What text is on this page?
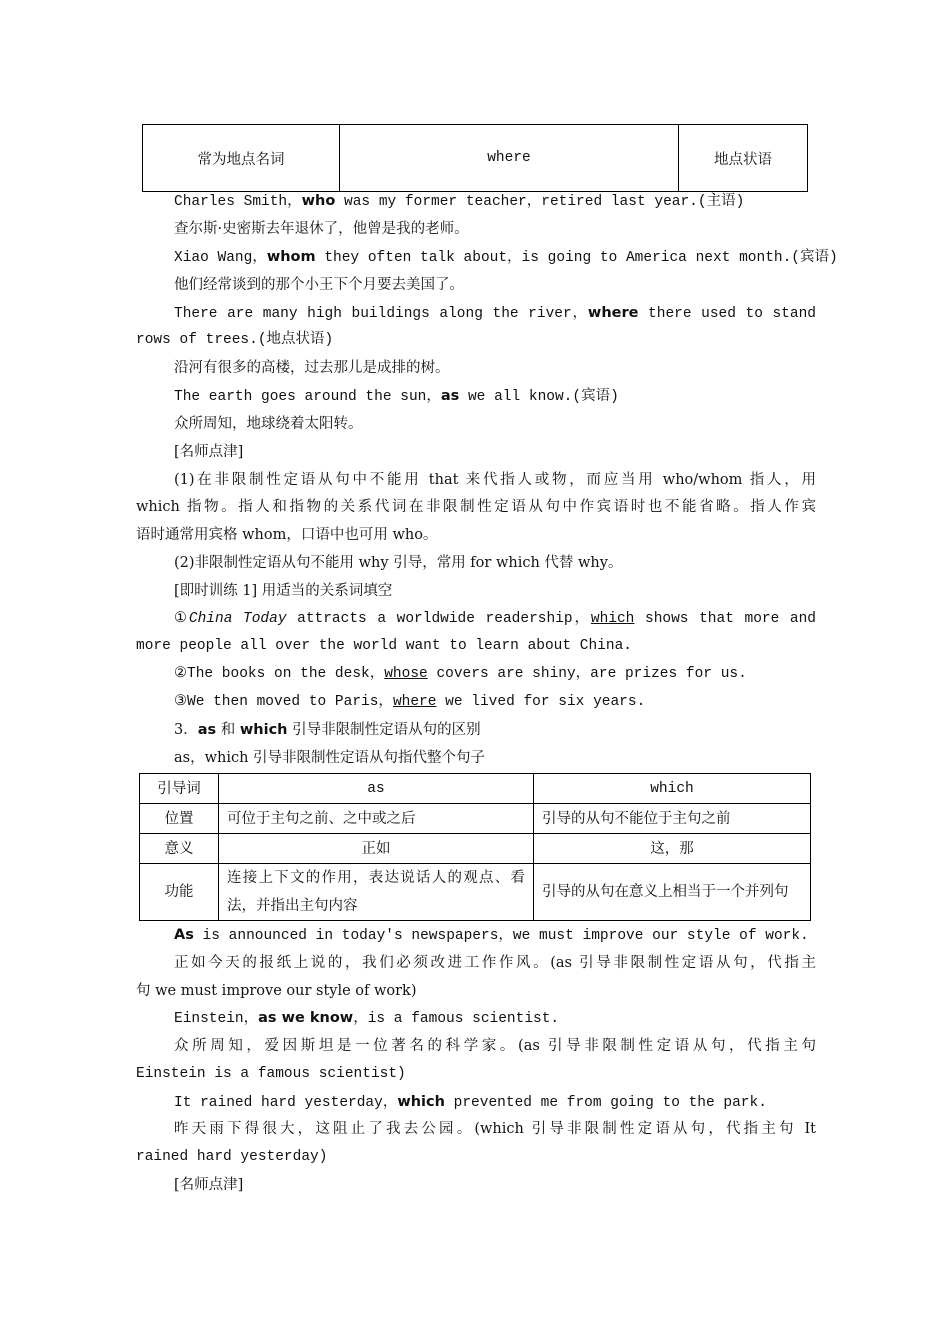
常为地点名词	where	地点状语
Charles Smith，who was my former teacher，retired last year.(主语)
查尔斯·史密斯去年退休了，他曾是我的老师。
Xiao Wang，whom they often talk about，is going to America next month.(宾语)
他们经常谈到的那个小王下个月要去美国了。
There are many high buildings along the river，where there used to stand
rows of trees.(地点状语)
沿河有很多的高楼，过去那儿是成排的树。
The earth goes around the sun，as we all know.(宾语)
众所周知，地球绕着太阳转。
[名师点津]
(1)在非限制性定语从句中不能用 that 来代指人或物，而应当用 who/whom 指人，用
which 指物。指人和指物的关系代词在非限制性定语从句中作宾语时也不能省略。指人作宾
语时通常用宾格 whom，口语中也可用 who。
(2)非限制性定语从句不能用 why 引导，常用 for which 代替 why。
[即时训练 1] 用适当的关系词填空
①China Today attracts a worldwide readership，which shows that more and
more people all over the world want to learn about China.
②The books on the desk，whose covers are shiny，are prizes for us.
③We then moved to Paris，where we lived for six years.
3．as 和 which 引导非限制性定语从句的区别
as，which 引导非限制性定语从句指代整个句子
引导词	as	which
位置	可位于主句之前、之中或之后	引导的从句不能位于主句之前
意义	正如	这，那
功能	连接上下文的作用，表达说话人的观点、看法，并指出主句内容	引导的从句在意义上相当于一个并列句
As is announced in today's newspapers，we must improve our style of work.
正如今天的报纸上说的，我们必须改进工作作风。(as 引导非限制性定语从句，代指主
句 we must improve our style of work)
Einstein，as we know，is a famous scientist.
众所周知，爱因斯坦是一位著名的科学家。(as 引导非限制性定语从句，代指主句
Einstein is a famous scientist)
It rained hard yesterday，which prevented me from going to the park.
昨天雨下得很大，这阻止了我去公园。(which 引导非限制性定语从句，代指主句 It
rained hard yesterday)
[名师点津]
